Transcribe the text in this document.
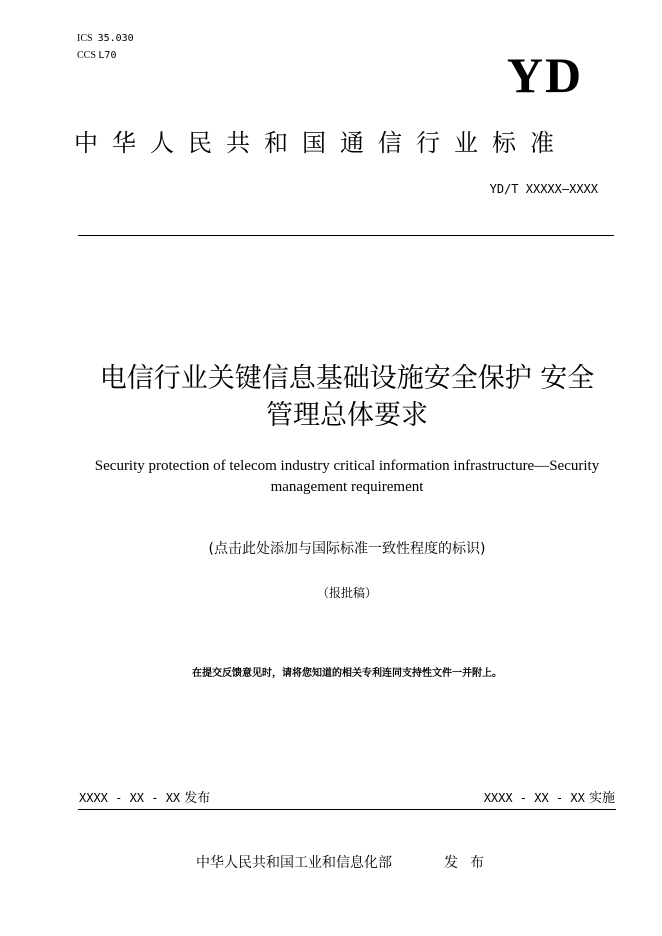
ICS 35.030
CCS L70	YD
中华人民共和国通信行业标准
YD/T XXXXX—XXXX
电信行业关键信息基础设施安全保护 安全
管理总体要求
Security protection of telecom industry critical information infrastructure—Security
management requirement
(点击此处添加与国际标准一致性程度的标识)
（报批稿）
在提交反馈意见时，请将您知道的相关专利连同支持性文件一并附上。
XXXX - XX - XX 发布	XXXX - XX - XX 实施
中华人民共和国工业和信息化部	发布
